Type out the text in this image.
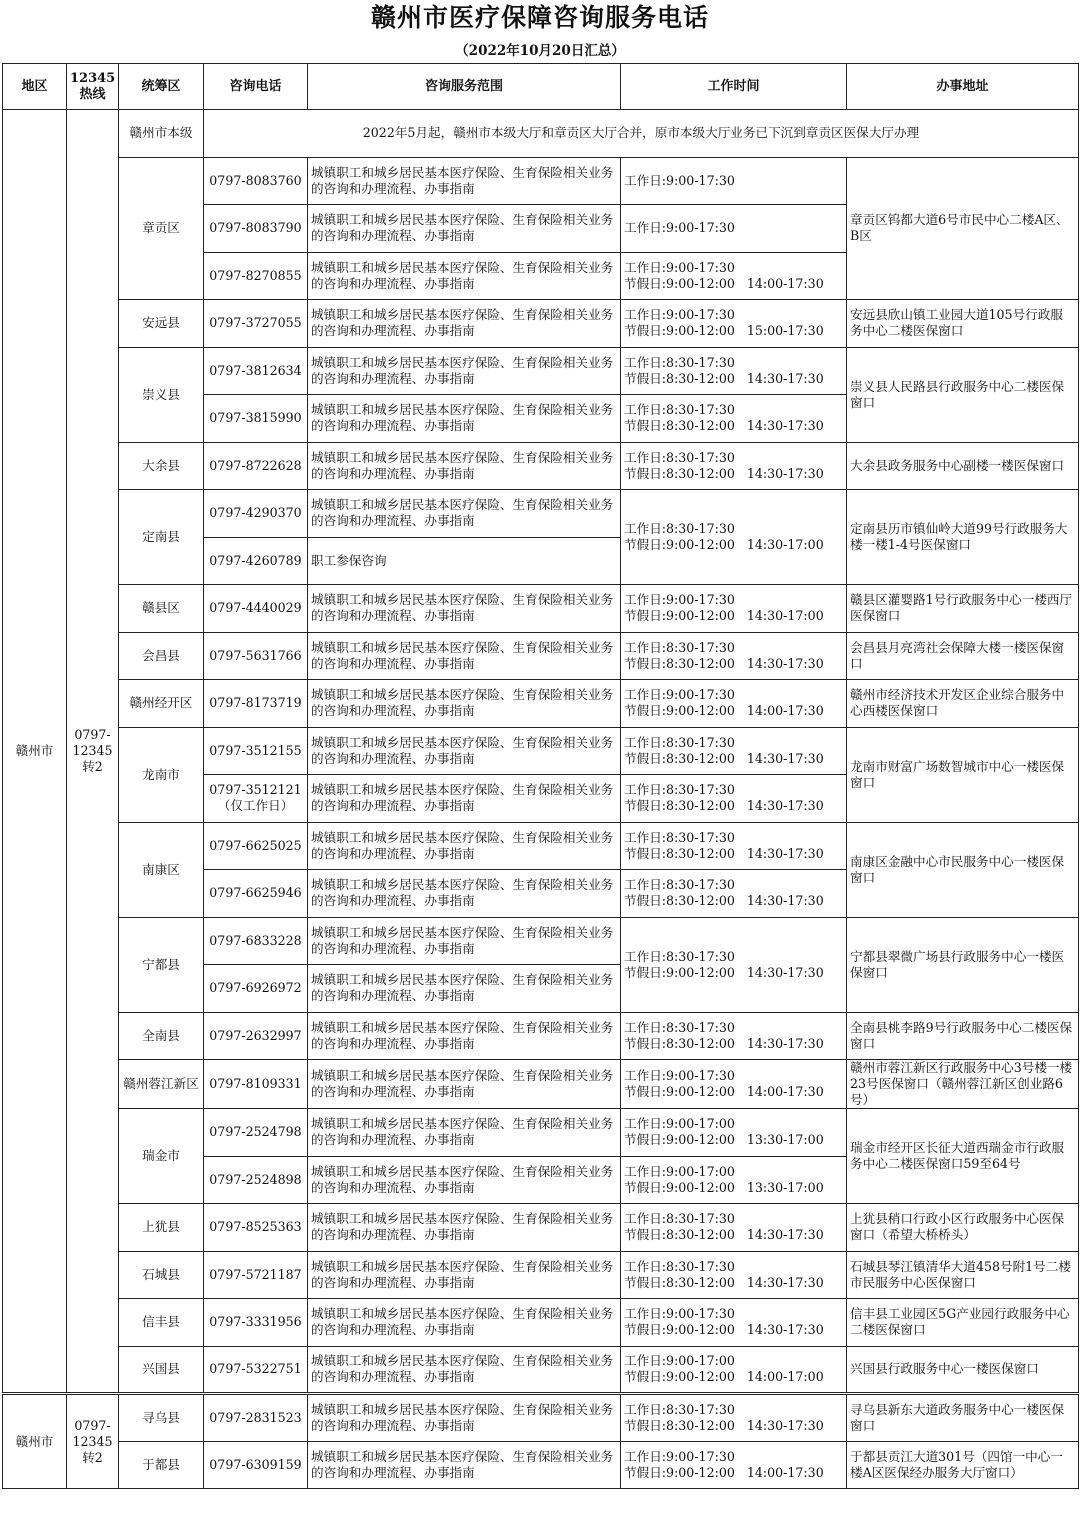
赣州市医疗保障咨询服务电话
（2022年10月20日汇总）
地区	12345热线	统筹区	咨询电话	咨询服务范围	工作时间	办事地址
赣州市	0797-12345转2	赣州市本级	2022年5月起，赣州市本级大厅和章贡区大厅合并，原市本级大厅业务已下沉到章贡区医保大厅办理			
		章贡区	0797-8083760	城镇职工和城乡居民基本医疗保险、生育保险相关业务的咨询和办理流程、办事指南	工作日:9:00-17:30	章贡区钨都大道6号市民中心二楼A区、B区
			0797-8083790	城镇职工和城乡居民基本医疗保险、生育保险相关业务的咨询和办理流程、办事指南	工作日:9:00-17:30	
			0797-8270855	城镇职工和城乡居民基本医疗保险、生育保险相关业务的咨询和办理流程、办事指南	工作日:9:00-17:30
节假日:9:00-12:00   14:00-17:30	
		安远县	0797-3727055	城镇职工和城乡居民基本医疗保险、生育保险相关业务的咨询和办理流程、办事指南	工作日:9:00-17:30
节假日:9:00-12:00   15:00-17:30	安远县欣山镇工业园大道105号行政服务中心二楼医保窗口
		崇义县	0797-3812634	城镇职工和城乡居民基本医疗保险、生育保险相关业务的咨询和办理流程、办事指南	工作日:8:30-17:30
节假日:8:30-12:00   14:30-17:30	崇义县人民路县行政服务中心二楼医保窗口
			0797-3815990	城镇职工和城乡居民基本医疗保险、生育保险相关业务的咨询和办理流程、办事指南	工作日:8:30-17:30
节假日:8:30-12:00   14:30-17:30	
		大余县	0797-8722628	城镇职工和城乡居民基本医疗保险、生育保险相关业务的咨询和办理流程、办事指南	工作日:8:30-17:30
节假日:8:30-12:00   14:30-17:30	大余县政务服务中心副楼一楼医保窗口
		定南县	0797-4290370	城镇职工和城乡居民基本医疗保险、生育保险相关业务的咨询和办理流程、办事指南	工作日:8:30-17:30
节假日:9:00-12:00   14:30-17:00	定南县历市镇仙岭大道99号行政服务大楼一楼1-4号医保窗口
			0797-4260789	职工参保咨询		
		赣县区	0797-4440029	城镇职工和城乡居民基本医疗保险、生育保险相关业务的咨询和办理流程、办事指南	工作日:9:00-17:30
节假日:9:00-12:00   14:30-17:00	赣县区灌婴路1号行政服务中心一楼西厅医保窗口
		会昌县	0797-5631766	城镇职工和城乡居民基本医疗保险、生育保险相关业务的咨询和办理流程、办事指南	工作日:8:30-17:30
节假日:8:30-12:00   14:30-17:30	会昌县月亮湾社会保障大楼一楼医保窗口
		赣州经开区	0797-8173719	城镇职工和城乡居民基本医疗保险、生育保险相关业务的咨询和办理流程、办事指南	工作日:9:00-17:30
节假日:9:00-12:00   14:00-17:30	赣州市经济技术开发区企业综合服务中心西楼医保窗口
		龙南市	0797-3512155	城镇职工和城乡居民基本医疗保险、生育保险相关业务的咨询和办理流程、办事指南	工作日:8:30-17:30
节假日:8:30-12:00   14:30-17:30	龙南市财富广场数智城市中心一楼医保窗口
			0797-3512121
（仅工作日）	城镇职工和城乡居民基本医疗保险、生育保险相关业务的咨询和办理流程、办事指南	工作日:8:30-17:30
节假日:8:30-12:00   14:30-17:30	
		南康区	0797-6625025	城镇职工和城乡居民基本医疗保险、生育保险相关业务的咨询和办理流程、办事指南	工作日:8:30-17:30
节假日:8:30-12:00   14:30-17:30	南康区金融中心市民服务中心一楼医保窗口
			0797-6625946	城镇职工和城乡居民基本医疗保险、生育保险相关业务的咨询和办理流程、办事指南	工作日:8:30-17:30
节假日:8:30-12:00   14:30-17:30	
		宁都县	0797-6833228	城镇职工和城乡居民基本医疗保险、生育保险相关业务的咨询和办理流程、办事指南	工作日:8:30-17:30
节假日:9:00-12:00   14:30-17:30	宁都县翠微广场县行政服务中心一楼医保窗口
			0797-6926972	城镇职工和城乡居民基本医疗保险、生育保险相关业务的咨询和办理流程、办事指南		
		全南县	0797-2632997	城镇职工和城乡居民基本医疗保险、生育保险相关业务的咨询和办理流程、办事指南	工作日:8:30-17:30
节假日:8:30-12:00   14:30-17:30	全南县桃李路9号行政服务中心二楼医保窗口
		赣州蓉江新区	0797-8109331	城镇职工和城乡居民基本医疗保险、生育保险相关业务的咨询和办理流程、办事指南	工作日:9:00-17:30
节假日:9:00-12:00   14:00-17:30	赣州市蓉江新区行政服务中心3号楼一楼23号医保窗口（赣州蓉江新区创业路6号）
		瑞金市	0797-2524798	城镇职工和城乡居民基本医疗保险、生育保险相关业务的咨询和办理流程、办事指南	工作日:9:00-17:00
节假日:9:00-12:00   13:30-17:00	瑞金市经开区长征大道西瑞金市行政服务中心二楼医保窗口59至64号
			0797-2524898	城镇职工和城乡居民基本医疗保险、生育保险相关业务的咨询和办理流程、办事指南	工作日:9:00-17:00
节假日:9:00-12:00   13:30-17:00	
		上犹县	0797-8525363	城镇职工和城乡居民基本医疗保险、生育保险相关业务的咨询和办理流程、办事指南	工作日:8:30-17:30
节假日:8:30-12:00   14:30-17:30	上犹县稍口行政小区行政服务中心医保窗口（希望大桥桥头）
		石城县	0797-5721187	城镇职工和城乡居民基本医疗保险、生育保险相关业务的咨询和办理流程、办事指南	工作日:8:30-17:30
节假日:8:30-12:00   14:30-17:30	石城县琴江镇清华大道458号附1号二楼市民服务中心医保窗口
		信丰县	0797-3331956	城镇职工和城乡居民基本医疗保险、生育保险相关业务的咨询和办理流程、办事指南	工作日:9:00-17:30
节假日:9:00-12:00   14:30-17:30	信丰县工业园区5G产业园行政服务中心二楼医保窗口
		兴国县	0797-5322751	城镇职工和城乡居民基本医疗保险、生育保险相关业务的咨询和办理流程、办事指南	工作日:9:00-17:00
节假日:9:00-12:00   14:00-17:00	兴国县行政服务中心一楼医保窗口
赣州市	0797-12345转2	寻乌县	0797-2831523	城镇职工和城乡居民基本医疗保险、生育保险相关业务的咨询和办理流程、办事指南	工作日:8:30-17:30
节假日:8:30-12:00   14:30-17:30	寻乌县新东大道政务服务中心一楼医保窗口
		于都县	0797-6309159	城镇职工和城乡居民基本医疗保险、生育保险相关业务的咨询和办理流程、办事指南	工作日:9:00-17:30
节假日:9:00-12:00   14:00-17:30	于都县贡江大道301号（四馆一中心一楼A区医保经办服务大厅窗口）
